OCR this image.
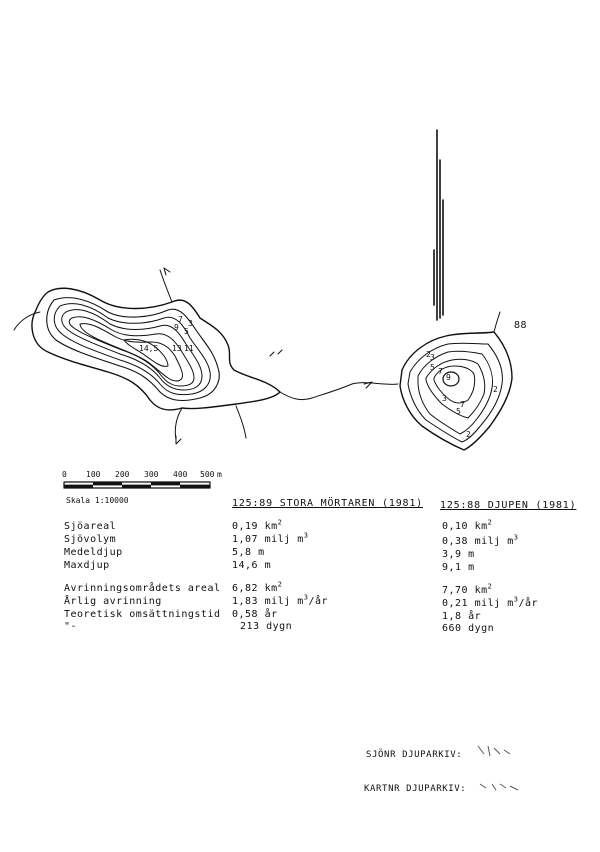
14,5 13 11
9
7
5
3
9
7
5
3
2
2
2
3
7
5
88
0 100 200 300 400 500 m
Skala 1:10000	125:89 STORA MÖRTAREN (1981) 125:88 DJUPEN (1981)
Sjöareal
Sjövolym
Medeldjup
Maxdjup
Avrinningsområdets areal
Årlig avrinning
Teoretisk omsättningstid
"-
0,19 $km^2$
1,07 milj $m^3$
5,8 m
14,6 m
6,82 $km^2$
1,83 milj $m^3/år$
0,58 år
213 dygn
0,10 $km^2$
0,38 milj $m^3$
3,9 m
9,1 m
7,70 $km^2$
0,21 milj $m^3/år$
1,8 år
660 dygn
SJÖNR DJUPARKIV:
KARTNR DJUPARKIV:
